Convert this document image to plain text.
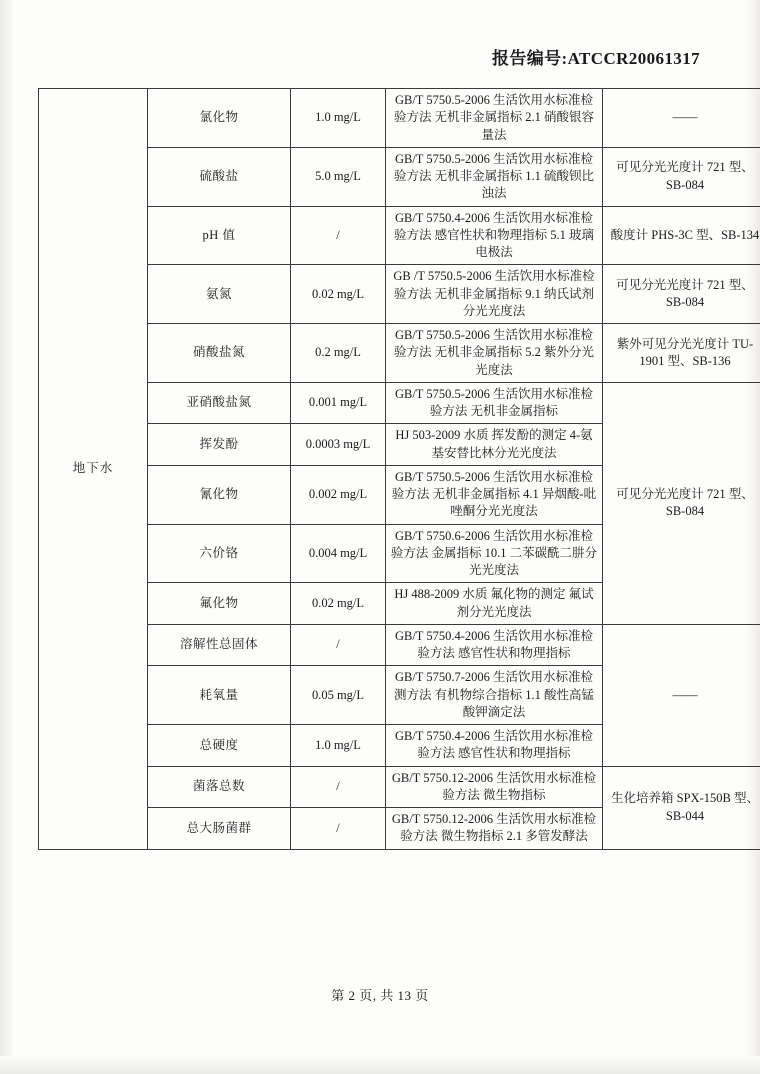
报告编号:ATCCR20061317
地下水	氯化物	1.0 mg/L	GB/T 5750.5-2006 生活饮用水标准检验方法 无机非金属指标 2.1 硝酸银容量法	——
	硫酸盐	5.0 mg/L	GB/T 5750.5-2006 生活饮用水标准检验方法 无机非金属指标 1.1 硫酸钡比浊法	可见分光光度计 721 型、SB-084
	pH 值	/	GB/T 5750.4-2006 生活饮用水标准检验方法 感官性状和物理指标 5.1 玻璃电极法	酸度计 PHS-3C 型、SB-134
	氨氮	0.02 mg/L	GB /T 5750.5-2006 生活饮用水标准检验方法 无机非金属指标 9.1 纳氏试剂分光光度法	可见分光光度计 721 型、SB-084
	硝酸盐氮	0.2 mg/L	GB/T 5750.5-2006 生活饮用水标准检验方法 无机非金属指标 5.2 紫外分光光度法	紫外可见分光光度计 TU-1901 型、SB-136
	亚硝酸盐氮	0.001 mg/L	GB/T 5750.5-2006 生活饮用水标准检验方法 无机非金属指标	可见分光光度计 721 型、SB-084
	挥发酚	0.0003 mg/L	HJ 503-2009 水质 挥发酚的测定 4-氨基安替比林分光光度法	
	氰化物	0.002 mg/L	GB/T 5750.5-2006 生活饮用水标准检验方法 无机非金属指标 4.1 异烟酸-吡唑酮分光光度法	
	六价铬	0.004 mg/L	GB/T 5750.6-2006 生活饮用水标准检验方法 金属指标 10.1 二苯碳酰二肼分光光度法	
	氟化物	0.02 mg/L	HJ 488-2009 水质 氟化物的测定 氟试剂分光光度法	
	溶解性总固体	/	GB/T 5750.4-2006 生活饮用水标准检验方法 感官性状和物理指标	——
	耗氧量	0.05 mg/L	GB/T 5750.7-2006 生活饮用水标准检测方法 有机物综合指标 1.1 酸性高锰酸钾滴定法	
	总硬度	1.0 mg/L	GB/T 5750.4-2006 生活饮用水标准检验方法 感官性状和物理指标	
	菌落总数	/	GB/T 5750.12-2006 生活饮用水标准检验方法 微生物指标	生化培养箱 SPX-150B 型、SB-044
	总大肠菌群	/	GB/T 5750.12-2006 生活饮用水标准检验方法 微生物指标 2.1 多管发酵法	
第 2 页, 共 13 页
